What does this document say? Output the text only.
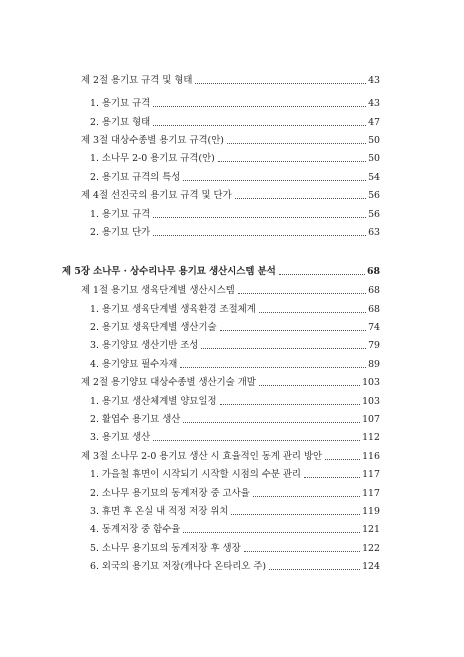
제 2절 용기묘 규격 및 형태	43
1. 용기묘 규격	43
2. 용기묘 형태	47
제 3절 대상수종별 용기묘 규격(안)	50
1. 소나무 2-0 용기묘 규격(안)	50
2. 용기묘 규격의 특성	54
제 4절 선진국의 용기묘 규격 및 단가	56
1. 용기묘 규격	56
2. 용기묘 단가	63
제 5장 소나무 · 상수리나무 용기묘 생산시스템 분석	68
제 1절 용기묘 생육단계별 생산시스템	68
1. 용기묘 생육단계별 생육환경 조절체계	68
2. 용기묘 생육단계별 생산기술	74
3. 용기양묘 생산기반 조성	79
4. 용기양묘 필수자재	89
제 2절 용기양묘 대상수종별 생산기술 개발	103
1. 용기묘 생산체계별 양묘일정	103
2. 활엽수 용기묘 생산	107
3. 용기묘 생산	112
제 3절 소나무 2-0 용기묘 생산 시 효율적인 동계 관리 방안	116
1. 가을철 휴면이 시작되기 시작할 시점의 수분 관리	117
2. 소나무 용기묘의 동계저장 중 고사율	117
3. 휴면 후 온실 내 적정 저장 위치	119
4. 동계저장 중 함수율	121
5. 소나무 용기묘의 동계저장 후 생장	122
6. 외국의 용기묘 저장(캐나다 온타리오 주)	124
